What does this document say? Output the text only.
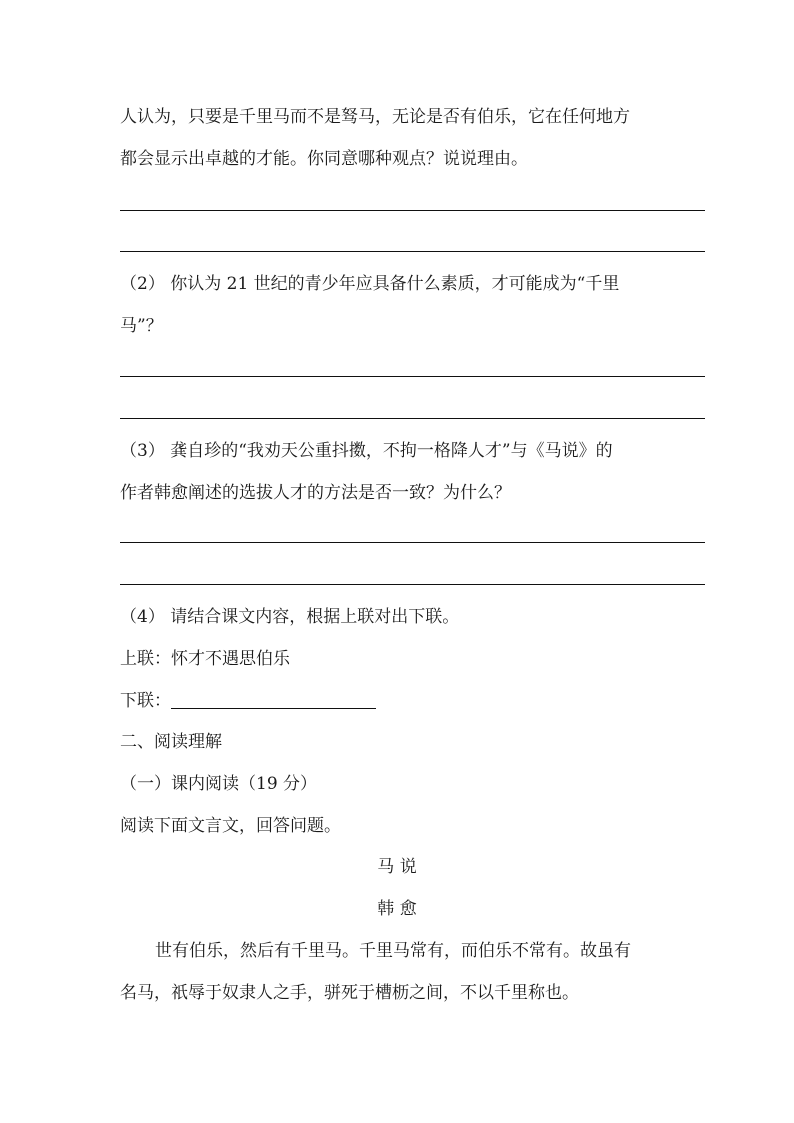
人认为，只要是千里马而不是驽马，无论是否有伯乐，它在任何地方
都会显示出卓越的才能。你同意哪种观点？说说理由。
（2） 你认为 21 世纪的青少年应具备什么素质，才可能成为“千里
马”？
（3） 龚自珍的“我劝天公重抖擞，不拘一格降人才”与《马说》的
作者韩愈阐述的选拔人才的方法是否一致？为什么？
（4） 请结合课文内容，根据上联对出下联。
上联：怀才不遇思伯乐
下联：
二、阅读理解
（一）课内阅读（19 分）
阅读下面文言文，回答问题。
马 说
韩 愈
世有伯乐，然后有千里马。千里马常有，而伯乐不常有。故虽有
名马，祇辱于奴隶人之手，骈死于槽枥之间，不以千里称也。
